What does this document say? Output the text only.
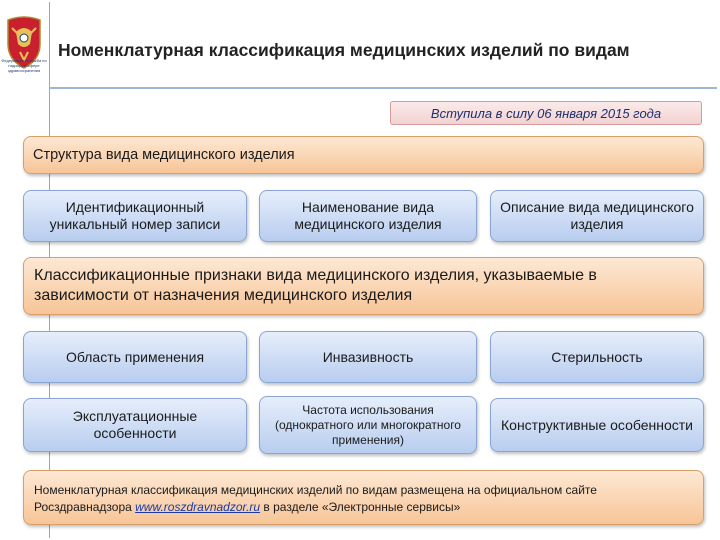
Федеральная служба по надзору в сфере здравоохранения
Номенклатурная классификация медицинских изделий по видам
Вступила в силу 06 января 2015 года
Структура вида медицинского изделия
Идентификационный уникальный номер записи
Наименование вида медицинского изделия
Описание вида медицинского изделия
Классификационные признаки вида медицинского изделия, указываемые в зависимости от назначения медицинского изделия
Область применения	Инвазивность	Стерильность
Эксплуатационные особенности
Частота использования (однократного или многократного применения)
Конструктивные особенности
Номенклатурная классификация медицинских изделий по видам размещена на официальном сайте Росздравнадзора www.roszdravnadzor.ru в разделе «Электронные сервисы»
